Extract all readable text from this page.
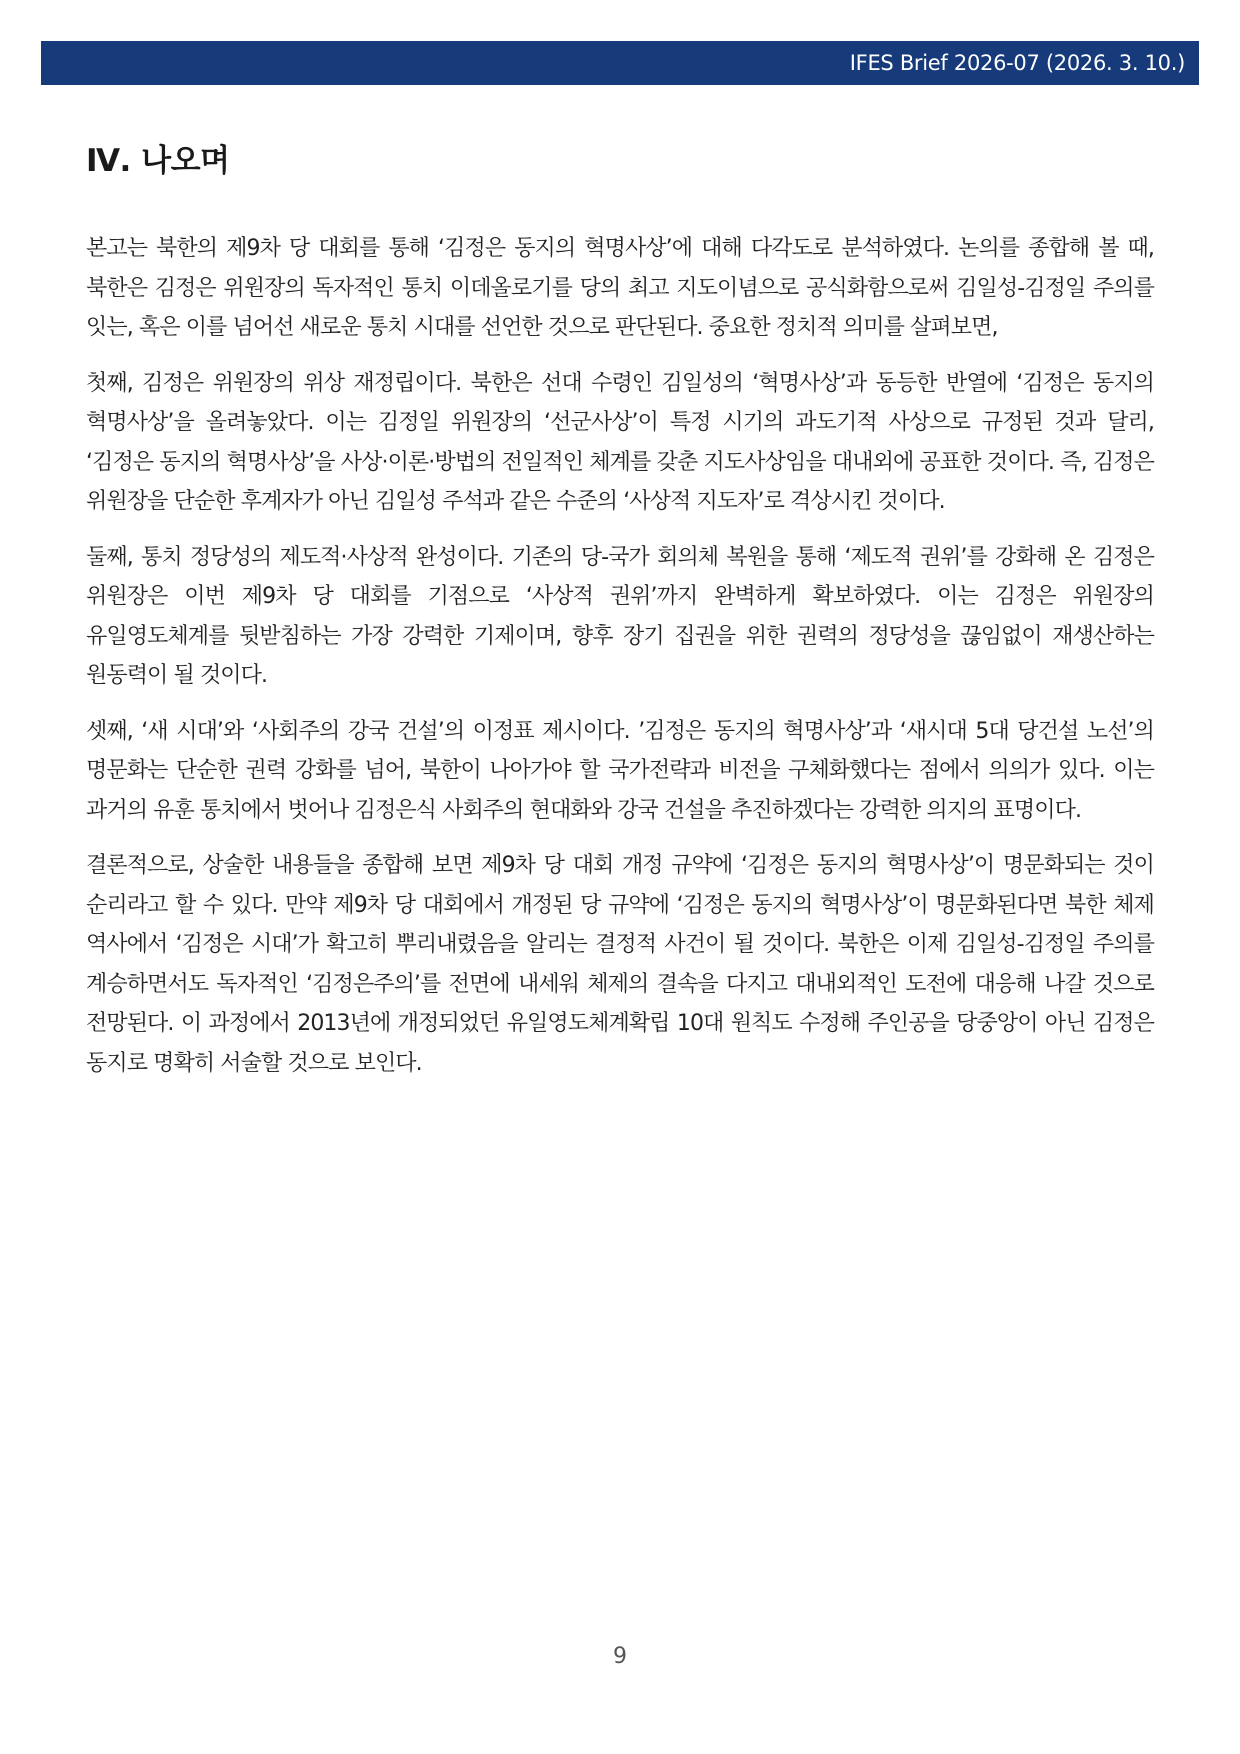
IFES Brief 2026-07 (2026. 3. 10.)
Ⅳ. 나오며

본고는 북한의 제9차 당 대회를 통해 ‘김정은 동지의 혁명사상’에 대해 다각도로 분석하였다. 논의를 종합해 볼 때, 북한은 김정은 위원장의 독자적인 통치 이데올로기를 당의 최고 지도이념으로 공식화함으로써 김일성-김정일 주의를 잇는, 혹은 이를 넘어선 새로운 통치 시대를 선언한 것으로 판단된다. 중요한 정치적 의미를 살펴보면,

첫째, 김정은 위원장의 위상 재정립이다. 북한은 선대 수령인 김일성의 ‘혁명사상’과 동등한 반열에 ‘김정은 동지의 혁명사상’을 올려놓았다. 이는 김정일 위원장의 ‘선군사상’이 특정 시기의 과도기적 사상으로 규정된 것과 달리, ‘김정은 동지의 혁명사상’을 사상·이론·방법의 전일적인 체계를 갖춘 지도사상임을 대내외에 공표한 것이다. 즉, 김정은 위원장을 단순한 후계자가 아닌 김일성 주석과 같은 수준의 ‘사상적 지도자’로 격상시킨 것이다.

둘째, 통치 정당성의 제도적·사상적 완성이다. 기존의 당-국가 회의체 복원을 통해 ‘제도적 권위’를 강화해 온 김정은 위원장은 이번 제9차 당 대회를 기점으로 ‘사상적 권위’까지 완벽하게 확보하였다. 이는 김정은 위원장의 유일영도체계를 뒷받침하는 가장 강력한 기제이며, 향후 장기 집권을 위한 권력의 정당성을 끊임없이 재생산하는 원동력이 될 것이다.

셋째, ‘새 시대’와 ‘사회주의 강국 건설’의 이정표 제시이다. ’김정은 동지의 혁명사상’과 ‘새시대 5대 당건설 노선’의 명문화는 단순한 권력 강화를 넘어, 북한이 나아가야 할 국가전략과 비전을 구체화했다는 점에서 의의가 있다. 이는 과거의 유훈 통치에서 벗어나 김정은식 사회주의 현대화와 강국 건설을 추진하겠다는 강력한 의지의 표명이다.

결론적으로, 상술한 내용들을 종합해 보면 제9차 당 대회 개정 규약에 ‘김정은 동지의 혁명사상’이 명문화되는 것이 순리라고 할 수 있다. 만약 제9차 당 대회에서 개정된 당 규약에 ‘김정은 동지의 혁명사상’이 명문화된다면 북한 체제 역사에서 ‘김정은 시대’가 확고히 뿌리내렸음을 알리는 결정적 사건이 될 것이다. 북한은 이제 김일성-김정일 주의를 계승하면서도 독자적인 ‘김정은주의’를 전면에 내세워 체제의 결속을 다지고 대내외적인 도전에 대응해 나갈 것으로 전망된다. 이 과정에서 2013년에 개정되었던 유일영도체계확립 10대 원칙도 수정해 주인공을 당중앙이 아닌 김정은 동지로 명확히 서술할 것으로 보인다.

9
